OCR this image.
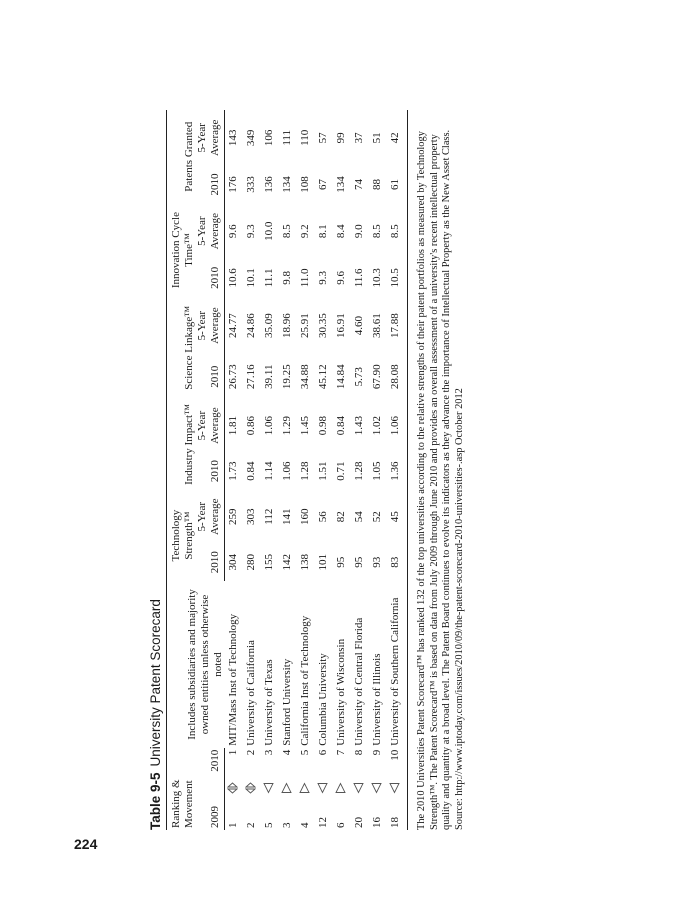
224
Table 9-5University Patent Scorecard
Ranking & Movement			Includes subsidiaries and majority owned entities unless otherwise noted	Technology Strength™		Industry Impact™		Science Linkage™		Innovation Cycle Time™		Patents Granted	
2009		2010		2010	5-Year Average	2010	5-Year Average	2010	5-Year Average	2010	5-Year Average	2010	5-Year Average
1		1	MIT/Mass Inst of Technology	304	259	1.73	1.81	26.73	24.77	10.6	9.6	176	143
2		2	University of California	280	303	0.84	0.86	27.16	24.86	10.1	9.3	333	349
5		3	University of Texas	155	112	1.14	1.06	39.11	35.09	11.1	10.0	136	106
3		4	Stanford University	142	141	1.06	1.29	19.25	18.96	9.8	8.5	134	111
4		5	California Inst of Technology	138	160	1.28	1.45	34.88	25.91	11.0	9.2	108	110
12		6	Columbia University	101	56	1.51	0.98	45.12	30.35	9.3	8.1	67	57
6		7	University of Wisconsin	95	82	0.71	0.84	14.84	16.91	9.6	8.4	134	99
20		8	University of Central Florida	95	54	1.28	1.43	5.73	4.60	11.6	9.0	74	37
16		9	University of Illinois	93	52	1.05	1.02	67.90	38.61	10.3	8.5	88	51
18		10	University of Southern California	83	45	1.36	1.06	28.08	17.88	10.5	8.5	61	42 The 2010 Universities Patent Scorecard™ has ranked 132 of the top universities according to the relative strengths of their patent portfolios as measured by Technology Strength™. The Patent Scorecard™ is based on data from July 2009 through June 2010 and provides an overall assessment of a university's recent intellectual property quality and quantity at a broad level. The Patent Board continues to evolve its indicators as they advance the importance of Intellectual Property as the New Asset Class. Source: http://www.iptoday.com/issues/2010/09/the-patent-scorecard-2010-universities-.asp October 2012
